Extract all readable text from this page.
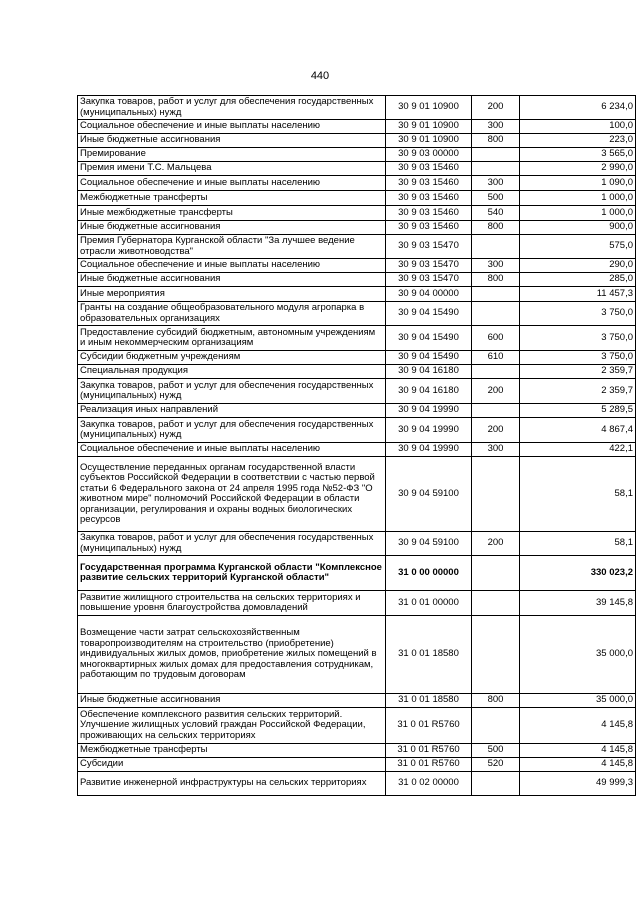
440
Закупка товаров, работ и услуг для обеспечения государственных (муниципальных) нужд	30 9 01 10900	200	6 234,0
Социальное обеспечение и иные выплаты населению	30 9 01 10900	300	100,0
Иные бюджетные ассигнования	30 9 01 10900	800	223,0
Премирование	30 9 03 00000		3 565,0
Премия имени Т.С. Мальцева	30 9 03 15460		2 990,0
Социальное обеспечение и иные выплаты населению	30 9 03 15460	300	1 090,0
Межбюджетные трансферты	30 9 03 15460	500	1 000,0
Иные межбюджетные трансферты	30 9 03 15460	540	1 000,0
Иные бюджетные ассигнования	30 9 03 15460	800	900,0
Премия Губернатора Курганской области "За лучшее ведение отрасли животноводства"	30 9 03 15470		575,0
Социальное обеспечение и иные выплаты населению	30 9 03 15470	300	290,0
Иные бюджетные ассигнования	30 9 03 15470	800	285,0
Иные мероприятия	30 9 04 00000		11 457,3
Гранты на создание общеобразовательного модуля агропарка в образовательных организациях	30 9 04 15490		3 750,0
Предоставление субсидий бюджетным, автономным учреждениям и иным некоммерческим организациям	30 9 04 15490	600	3 750,0
Субсидии бюджетным учреждениям	30 9 04 15490	610	3 750,0
Специальная продукция	30 9 04 16180		2 359,7
Закупка товаров, работ и услуг для обеспечения государственных (муниципальных) нужд	30 9 04 16180	200	2 359,7
Реализация иных направлений	30 9 04 19990		5 289,5
Закупка товаров, работ и услуг для обеспечения государственных (муниципальных) нужд	30 9 04 19990	200	4 867,4
Социальное обеспечение и иные выплаты населению	30 9 04 19990	300	422,1
Осуществление переданных органам государственной власти субъектов Российской Федерации в соответствии с частью первой статьи 6 Федерального закона от 24 апреля 1995 года №52-ФЗ "О животном мире" полномочий Российской Федерации в области организации, регулирования и охраны водных биологических ресурсов	30 9 04 59100		58,1
Закупка товаров, работ и услуг для обеспечения государственных (муниципальных) нужд	30 9 04 59100	200	58,1
Государственная программа Курганской области "Комплексное развитие сельских территорий Курганской области"	31 0 00 00000		330 023,2
Развитие жилищного строительства на сельских территориях и повышение уровня благоустройства домовладений	31 0 01 00000		39 145,8
Возмещение части затрат сельскохозяйственным товаропроизводителям на строительство (приобретение) индивидуальных жилых домов, приобретение жилых помещений в многоквартирных жилых домах для предоставления сотрудникам, работающим по трудовым договорам	31 0 01 18580		35 000,0
Иные бюджетные ассигнования	31 0 01 18580	800	35 000,0
Обеспечение комплексного развития сельских территорий. Улучшение жилищных условий граждан Российской Федерации, проживающих на сельских территориях	31 0 01 R5760		4 145,8
Межбюджетные трансферты	31 0 01 R5760	500	4 145,8
Субсидии	31 0 01 R5760	520	4 145,8
Развитие инженерной инфраструктуры на сельских территориях	31 0 02 00000		49 999,3
